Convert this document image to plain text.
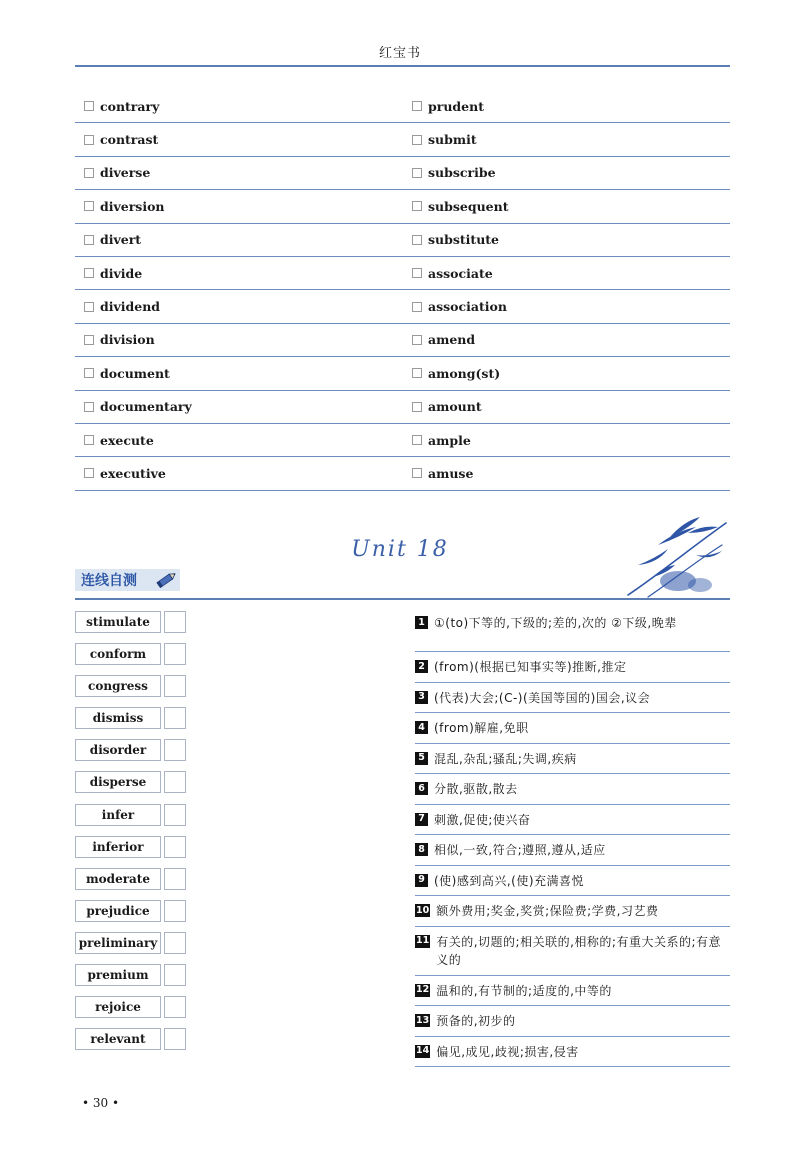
红宝书
contrary	prudent
contrast	submit
diverse	subscribe
diversion	subsequent
divert	substitute
divide	associate
dividend	association
division	amend
document	among(st)
documentary	amount
execute	ample
executive	amuse
Unit 18
连线自测
stimulate
conform
congress
dismiss
disorder
disperse
infer
inferior
moderate
prejudice
preliminary
premium
rejoice
relevant
1 ①(to)下等的,下级的;差的,次的 ②下级,晚辈
2 (from)(根据已知事实等)推断,推定
3 (代表)大会;(C-)(美国等国的)国会,议会
4 (from)解雇,免职
5 混乱,杂乱;骚乱;失调,疾病
6 分散,驱散,散去
7 刺激,促使;使兴奋
8 相似,一致,符合;遵照,遵从,适应
9 (使)感到高兴,(使)充满喜悦
10 额外费用;奖金,奖赏;保险费;学费,习艺费
11 有关的,切题的;相关联的,相称的;有重大关系的;有意义的
12 温和的,有节制的;适度的,中等的
13 预备的,初步的
14 偏见,成见,歧视;损害,侵害
• 30 •
